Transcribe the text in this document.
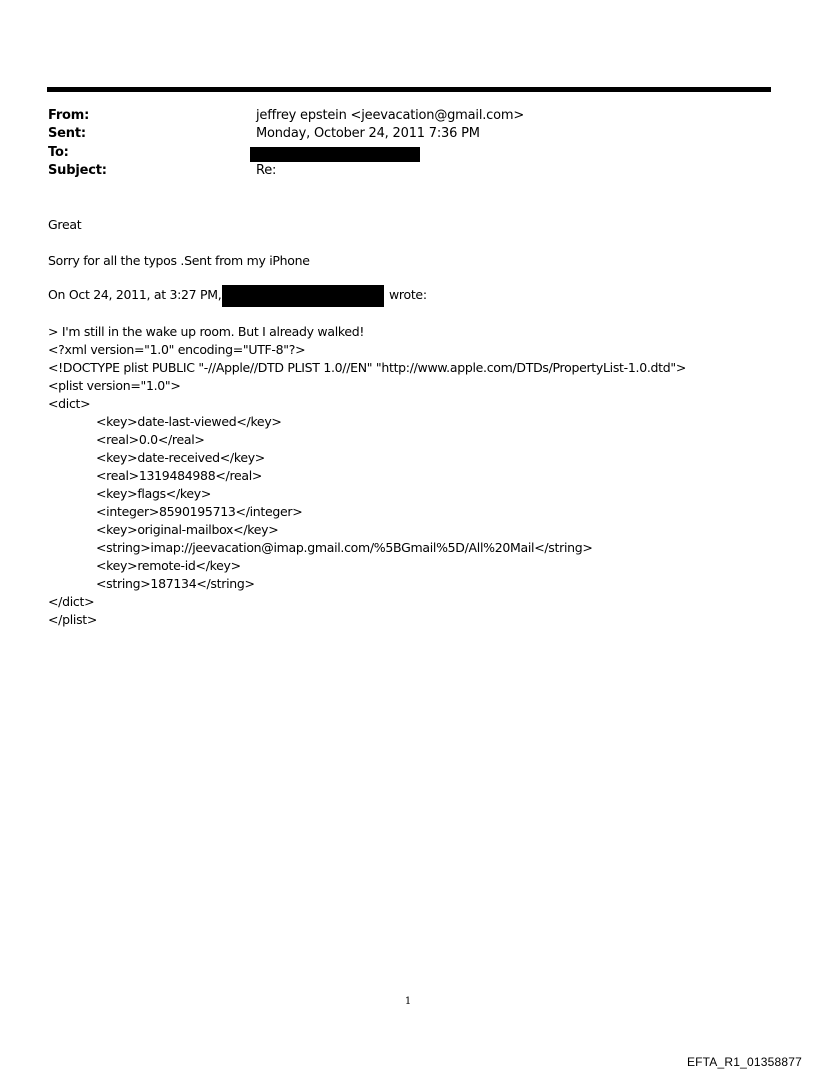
From:	jeffrey epstein <jeevacation@gmail.com>
Sent:	Monday, October 24, 2011 7:36 PM
To:
Subject:	Re:
Great
Sorry for all the typos .Sent from my iPhone
On Oct 24, 2011, at 3:27 PM,	wrote:
> I'm still in the wake up room. But I already walked!
<?xml version="1.0" encoding="UTF-8"?>
<!DOCTYPE plist PUBLIC "-//Apple//DTD PLIST 1.0//EN" "http://www.apple.com/DTDs/PropertyList-1.0.dtd">
<plist version="1.0">
<dict>
<key>date-last-viewed</key>
<real>0.0</real>
<key>date-received</key>
<real>1319484988</real>
<key>flags</key>
<integer>8590195713</integer>
<key>original-mailbox</key>
<string>imap://jeevacation@imap.gmail.com/%5BGmail%5D/All%20Mail</string>
<key>remote-id</key>
<string>187134</string>
</dict>
</plist>
1
EFTA_R1_01358877
